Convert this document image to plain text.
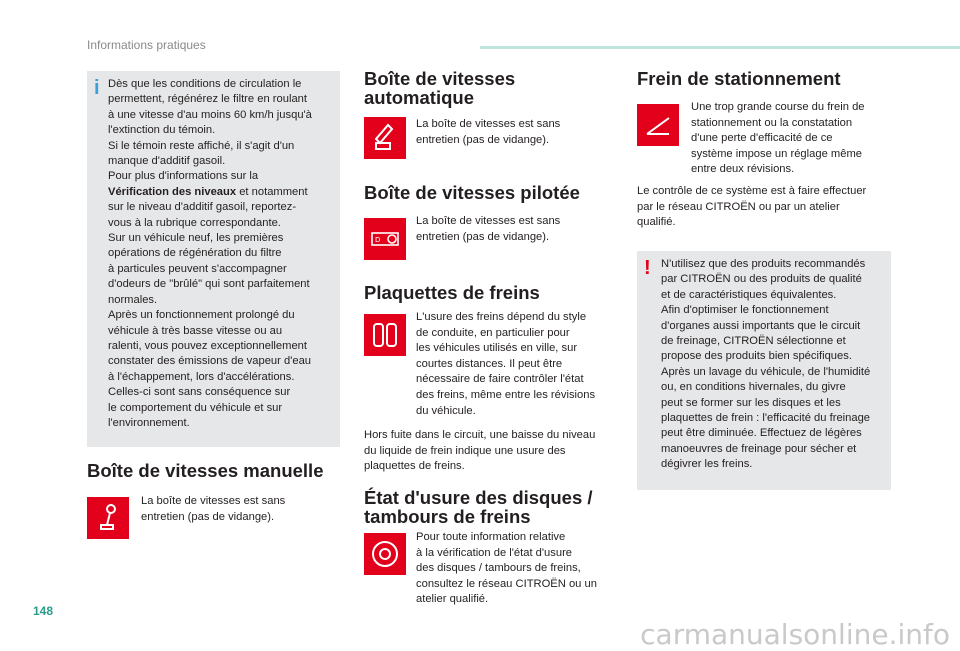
Informations pratiques
i Dès que les conditions de circulation le

permettent, régénérez le filtre en roulant

à une vitesse d'au moins 60 km/h jusqu'à

l'extinction du témoin.

Si le témoin reste affiché, il s'agit d'un

manque d'additif gasoil.

Pour plus d'informations sur la

Vérification des niveaux et notamment

sur le niveau d'additif gasoil, reportez-

vous à la rubrique correspondante.

Sur un véhicule neuf, les premières

opérations de régénération du filtre

à particules peuvent s'accompagner

d'odeurs de "brûlé" qui sont parfaitement

normales.

Après un fonctionnement prolongé du

véhicule à très basse vitesse ou au

ralenti, vous pouvez exceptionnellement

constater des émissions de vapeur d'eau

à l'échappement, lors d'accélérations.

Celles-ci sont sans conséquence sur

le comportement du véhicule et sur

l'environnement.

Boîte de vitesses manuelle

La boîte de vitesses est sans

entretien (pas de vidange).

Boîte de vitesses
automatique

La boîte de vitesses est sans

entretien (pas de vidange).

Boîte de vitesses pilotée
D

La boîte de vitesses est sans

entretien (pas de vidange).

Plaquettes de freins

L'usure des freins dépend du style

de conduite, en particulier pour

les véhicules utilisés en ville, sur

courtes distances. Il peut être

nécessaire de faire contrôler l'état

des freins, même entre les révisions

du véhicule.

Hors fuite dans le circuit, une baisse du niveau

du liquide de frein indique une usure des

plaquettes de freins.

État d'usure des disques /
tambours de freins

Pour toute information relative

à la vérification de l'état d'usure

des disques / tambours de freins,

consultez le réseau CITROËN ou un

atelier qualifié.

Frein de stationnement

Une trop grande course du frein de

stationnement ou la constatation

d'une perte d'efficacité de ce

système impose un réglage même

entre deux révisions.

Le contrôle de ce système est à faire effectuer

par le réseau CITROËN ou par un atelier

qualifié.

! N'utilisez que des produits recommandés

par CITROËN ou des produits de qualité

et de caractéristiques équivalentes.

Afin d'optimiser le fonctionnement

d'organes aussi importants que le circuit

de freinage, CITROËN sélectionne et

propose des produits bien spécifiques.

Après un lavage du véhicule, de l'humidité

ou, en conditions hivernales, du givre

peut se former sur les disques et les

plaquettes de frein : l'efficacité du freinage

peut être diminuée. Effectuez de légères

manoeuvres de freinage pour sécher et

dégivrer les freins.

148
carmanualsonline.info
